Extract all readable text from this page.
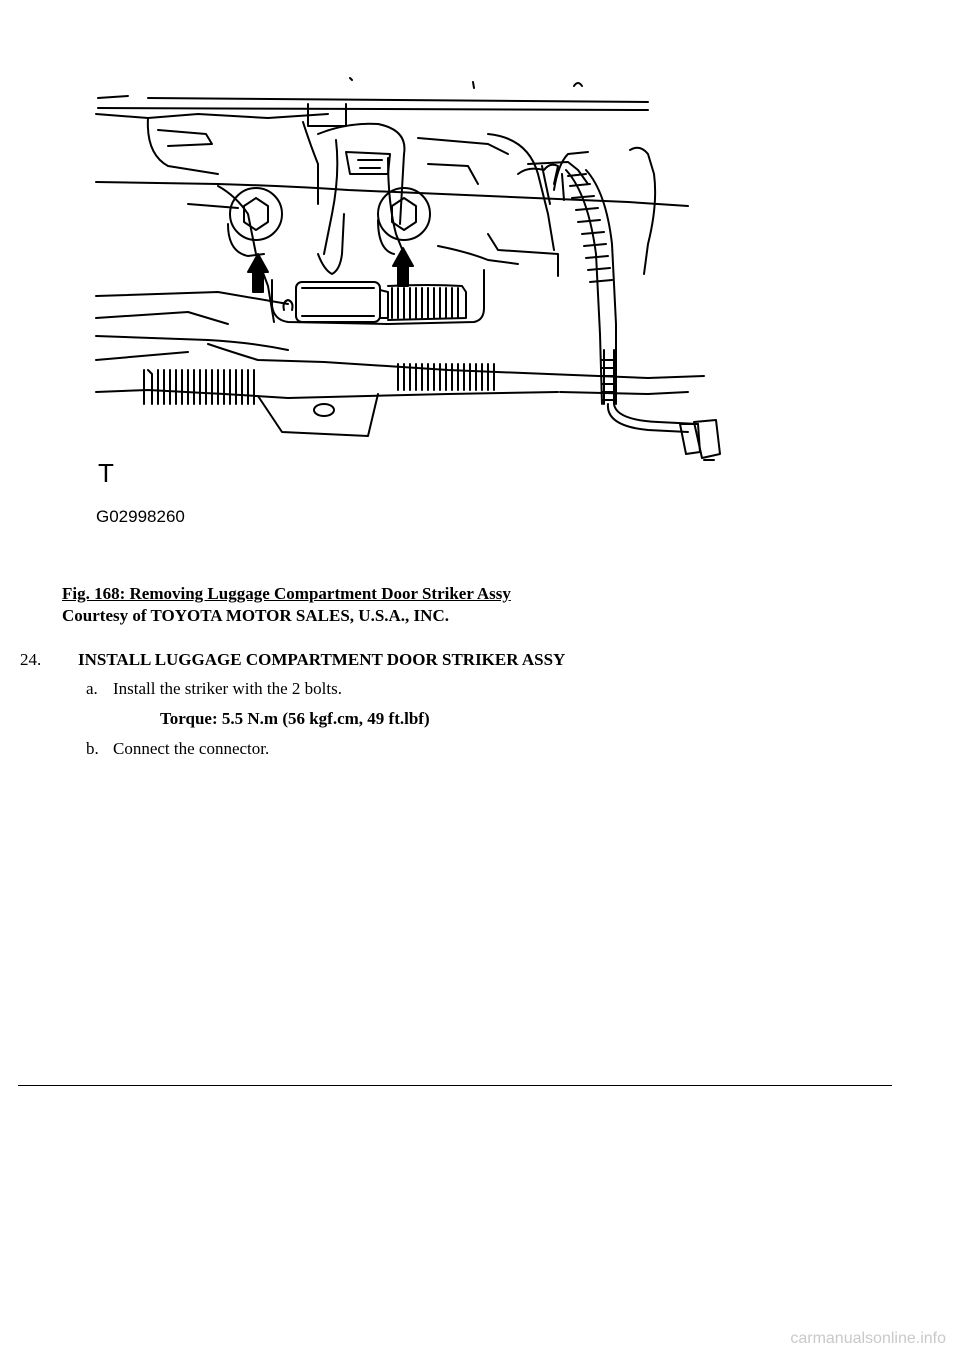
T
G02998260
Fig. 168: Removing Luggage Compartment Door Striker Assy
Courtesy of TOYOTA MOTOR SALES, U.S.A., INC.
24. INSTALL LUGGAGE COMPARTMENT DOOR STRIKER ASSY
a. Install the striker with the 2 bolts.
Torque: 5.5 N.m (56 kgf.cm, 49 ft.lbf)
b. Connect the connector.
carmanualsonline.info
